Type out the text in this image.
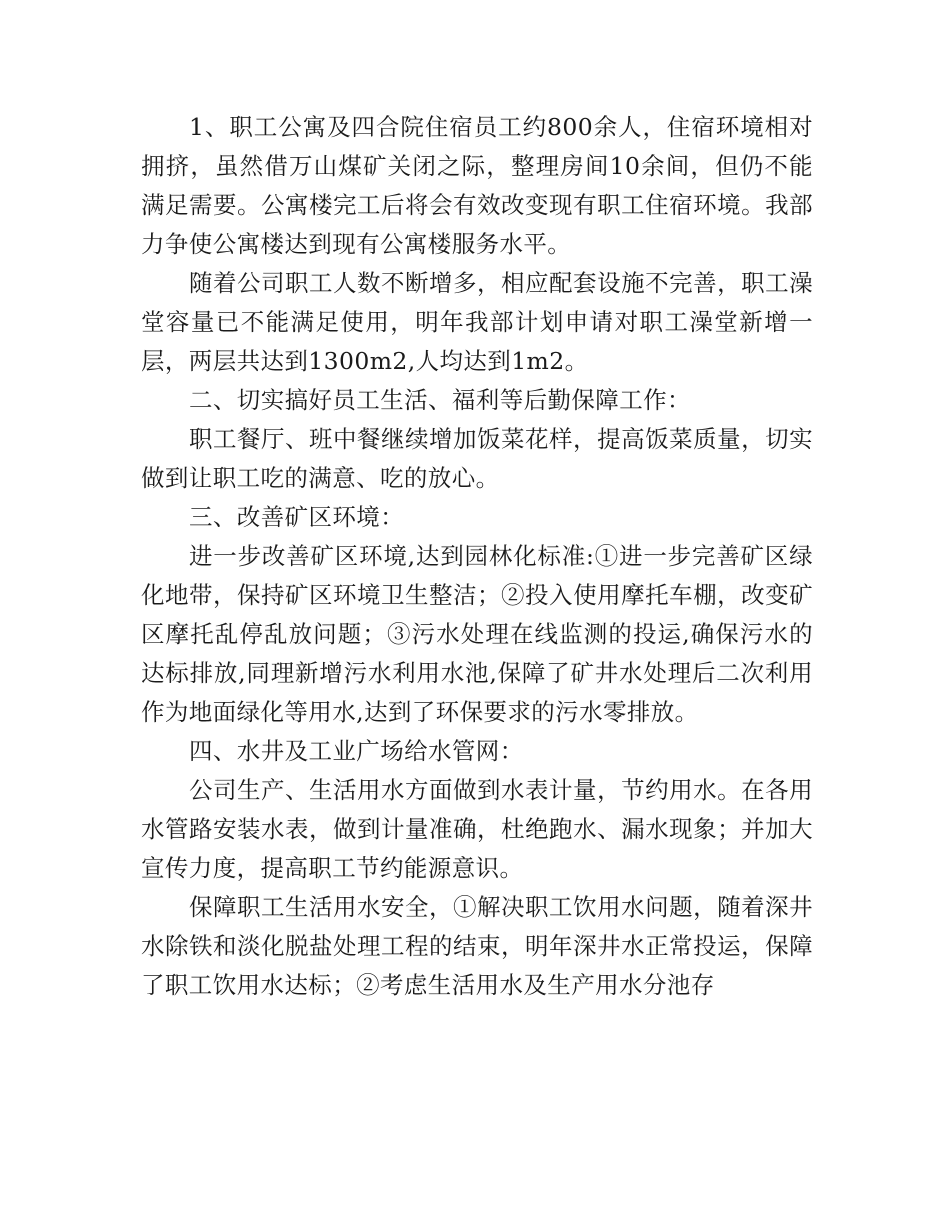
1、职工公寓及四合院住宿员工约800余人，住宿环境相对拥挤，虽然借万山煤矿关闭之际，整理房间10余间，但仍不能满足需要。公寓楼完工后将会有效改变现有职工住宿环境。我部力争使公寓楼达到现有公寓楼服务水平。

随着公司职工人数不断增多，相应配套设施不完善，职工澡堂容量已不能满足使用，明年我部计划申请对职工澡堂新增一层，两层共达到1300m2,人均达到1m2。

二、切实搞好员工生活、福利等后勤保障工作：

职工餐厅、班中餐继续增加饭菜花样，提高饭菜质量，切实做到让职工吃的满意、吃的放心。

三、改善矿区环境：

进一步改善矿区环境,达到园林化标准:①进一步完善矿区绿化地带，保持矿区环境卫生整洁；②投入使用摩托车棚，改变矿区摩托乱停乱放问题；③污水处理在线监测的投运,确保污水的达标排放,同理新增污水利用水池,保障了矿井水处理后二次利用作为地面绿化等用水,达到了环保要求的污水零排放。

四、水井及工业广场给水管网：

公司生产、生活用水方面做到水表计量，节约用水。在各用水管路安装水表，做到计量准确，杜绝跑水、漏水现象；并加大宣传力度，提高职工节约能源意识。

保障职工生活用水安全，①解决职工饮用水问题，随着深井水除铁和淡化脱盐处理工程的结束，明年深井水正常投运，保障了职工饮用水达标；②考虑生活用水及生产用水分池存
